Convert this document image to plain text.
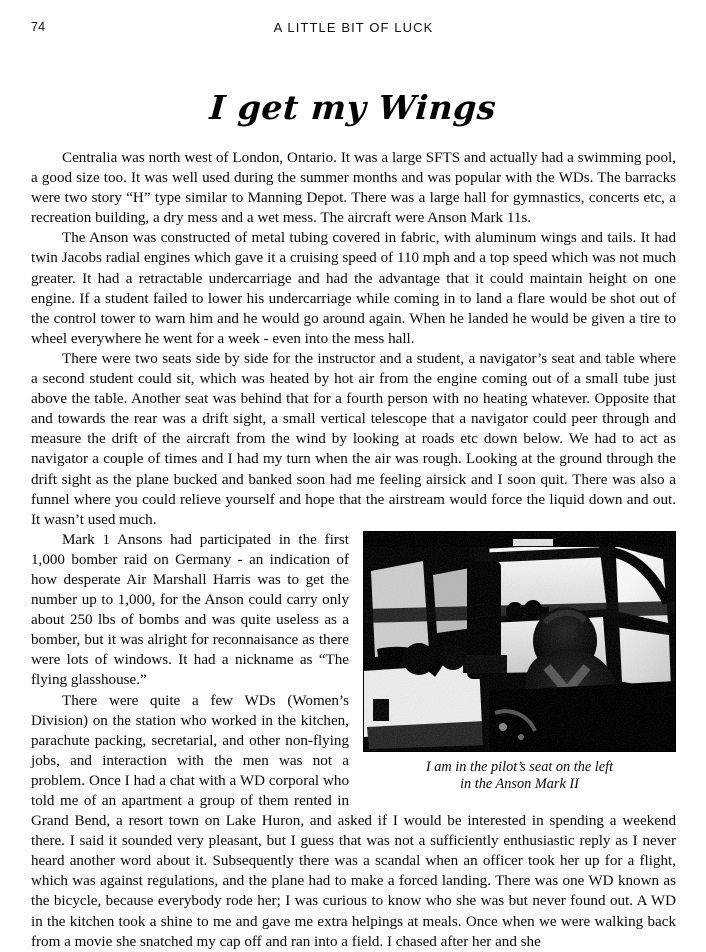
74	A LITTLE BIT OF LUCK
I get my Wings

Centralia was north west of London, Ontario. It was a large SFTS and actually had a swimming pool, a good size too. It was well used during the summer months and was popular with the WDs. The barracks were two story “H” type similar to Manning Depot. There was a large hall for gymnastics, concerts etc, a recreation building, a dry mess and a wet mess. The aircraft were Anson Mark 11s.

The Anson was constructed of metal tubing covered in fabric, with aluminum wings and tails. It had twin Jacobs radial engines which gave it a cruising speed of 110 mph and a top speed which was not much greater. It had a retractable undercarriage and had the advantage that it could maintain height on one engine. If a student failed to lower his undercarriage while coming in to land a flare would be shot out of the control tower to warn him and he would go around again. When he landed he would be given a tire to wheel everywhere he went for a week - even into the mess hall.

There were two seats side by side for the instructor and a student, a navigator’s seat and table where a second student could sit, which was heated by hot air from the engine coming out of a small tube just above the table. Another seat was behind that for a fourth person with no heating whatever. Opposite that and towards the rear was a drift sight, a small vertical telescope that a navigator could peer through and measure the drift of the aircraft from the wind by looking at roads etc down below. We had to act as navigator a couple of times and I had my turn when the air was rough. Looking at the ground through the drift sight as the plane bucked and banked soon had me feeling airsick and I soon quit. There was also a funnel where you could relieve yourself and hope that the airstream would force the liquid down and out. It wasn’t used much.

I am in the pilot’s seat on the left
in the Anson Mark II

Mark 1 Ansons had participated in the first 1,000 bomber raid on Germany - an indication of how desperate Air Marshall Harris was to get the number up to 1,000, for the Anson could carry only about 250 lbs of bombs and was quite useless as a bomber, but it was alright for reconnaisance as there were lots of windows. It had a nickname as “The flying glasshouse.”

There were quite a few WDs (Women’s Division) on the station who worked in the kitchen, parachute packing, secretarial, and other non-flying jobs, and interaction with the men was not a problem. Once I had a chat with a WD corporal who told me of an apartment a group of them rented in Grand Bend, a resort town on Lake Huron, and asked if I would be interested in spending a weekend there. I said it sounded very pleasant, but I guess that was not a sufficiently enthusiastic reply as I never heard another word about it. Subsequently there was a scandal when an officer took her up for a flight, which was against regulations, and the plane had to make a forced landing. There was one WD known as the bicycle, because everybody rode her; I was curious to know who she was but never found out. A WD in the kitchen took a shine to me and gave me extra helpings at meals. Once when we were walking back from a movie she snatched my cap off and ran into a field. I chased after her and she
